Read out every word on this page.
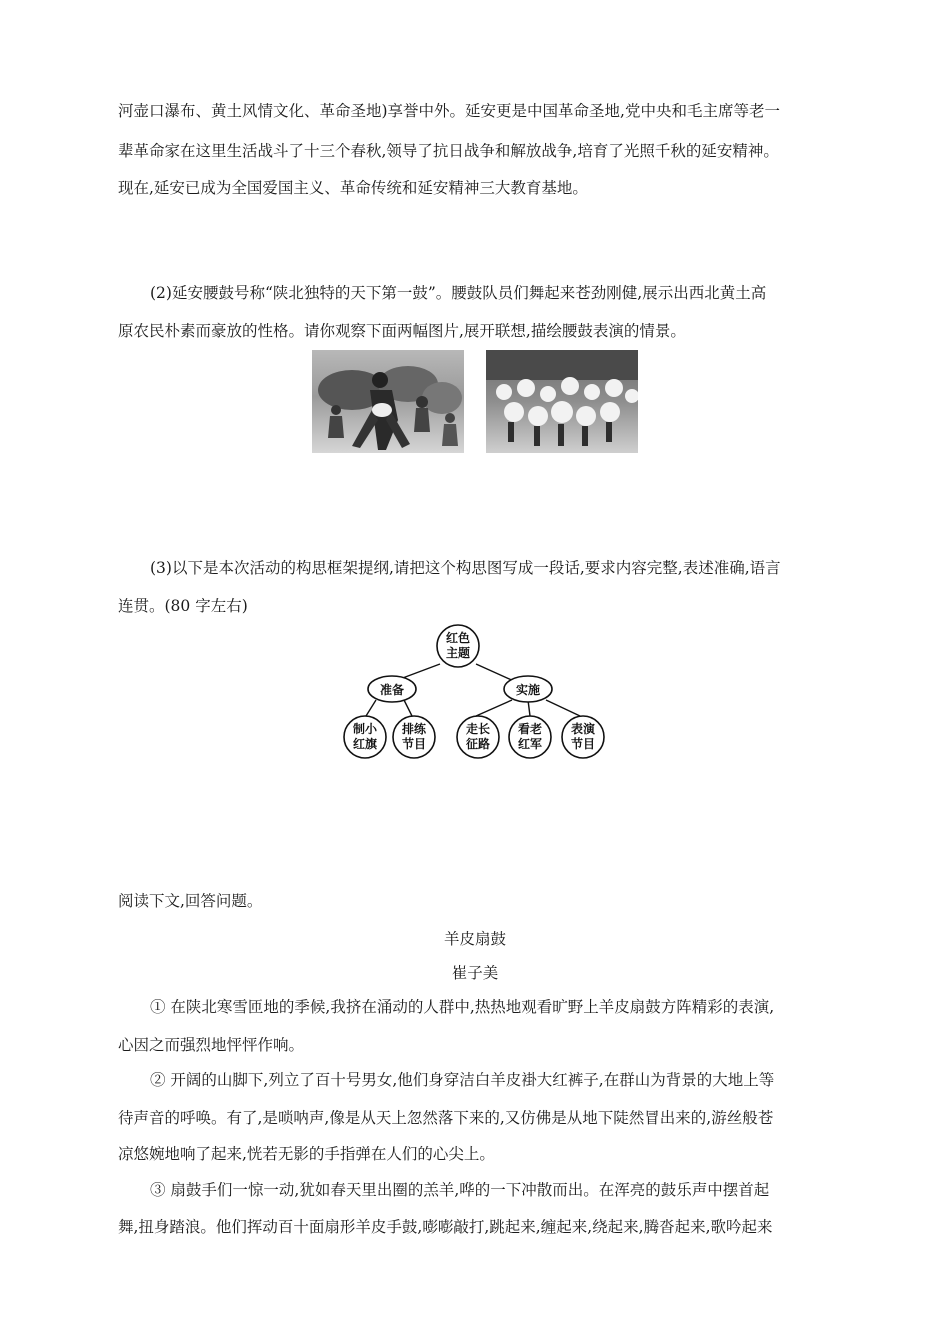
河壶口瀑布、黄土风情文化、革命圣地)享誉中外。延安更是中国革命圣地,党中央和毛主席等老一
辈革命家在这里生活战斗了十三个春秋,领导了抗日战争和解放战争,培育了光照千秋的延安精神。
现在,延安已成为全国爱国主义、革命传统和延安精神三大教育基地。
(2)延安腰鼓号称“陕北独特的天下第一鼓”。腰鼓队员们舞起来苍劲刚健,展示出西北黄土高
原农民朴素而豪放的性格。请你观察下面两幅图片,展开联想,描绘腰鼓表演的情景。
(3)以下是本次活动的构思框架提纲,请把这个构思图写成一段话,要求内容完整,表述准确,语言
连贯。(80 字左右)
红色
主题
准备	实施
制小
红旗
排练
节目
走长
征路
看老
红军
表演
节目
阅读下文,回答问题。
羊皮扇鼓
崔子美
① 在陕北寒雪匝地的季候,我挤在涌动的人群中,热热地观看旷野上羊皮扇鼓方阵精彩的表演,
心因之而强烈地怦怦作响。
② 开阔的山脚下,列立了百十号男女,他们身穿洁白羊皮褂大红裤子,在群山为背景的大地上等
待声音的呼唤。有了,是唢呐声,像是从天上忽然落下来的,又仿佛是从地下陡然冒出来的,游丝般苍
凉悠婉地响了起来,恍若无影的手指弹在人们的心尖上。
③ 扇鼓手们一惊一动,犹如春天里出圈的羔羊,哗的一下冲散而出。在浑亮的鼓乐声中摆首起
舞,扭身踏浪。他们挥动百十面扇形羊皮手鼓,嘭嘭敲打,跳起来,缠起来,绕起来,腾沓起来,歌吟起来
